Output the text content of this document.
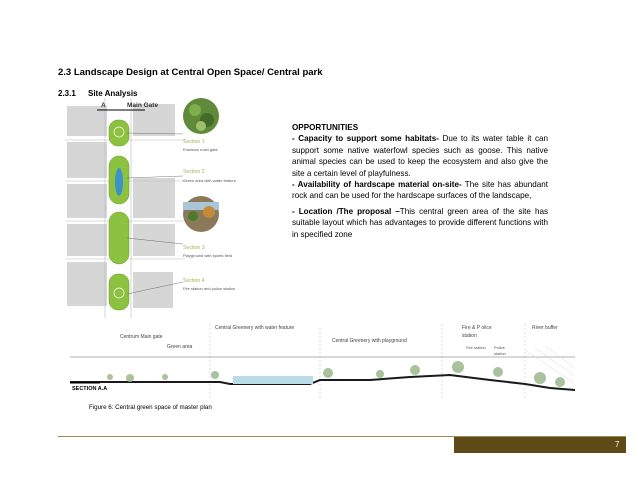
2.3 Landscape Design at Central Open Space/ Central park
2.3.1 Site Analysis
A	Main Gate
Section 1
Entrance main gate
Section 2
Green area with water feature
Section 3
Playground with sports field
Section 4
Fire station and police station

OPPORTUNITIES

- Capacity to support some habitats- Due to its water table it can support some native waterfowl species such as goose. This native animal species can be used to keep the ecosystem and also give the site a certain level of playfulness.

- Availability of hardscape material on-site- The site has abundant rock and can be used for the hardscape surfaces of the landscape,

- Location /The proposal –This central green area of the site has suitable layout which has advantages to provide different functions with in specified zone

SECTION A.A
Central Greenery with water feature
Central Greenery with playground
Fire & P olice
station
River buffer
Centrum Main gate
Green area	Fire station Police
station
Figure 6: Central green space of master plan
7
